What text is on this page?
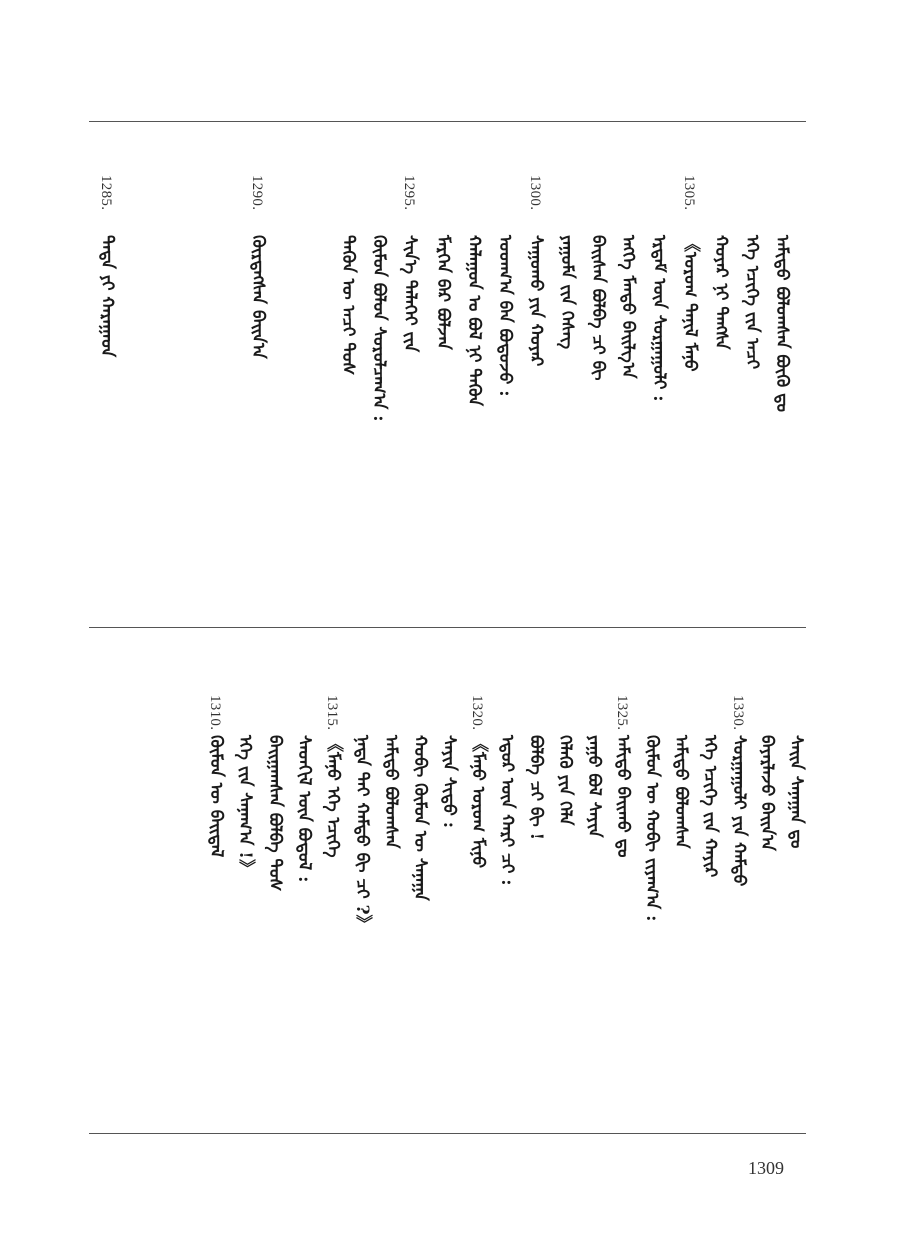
ᠠᠮᠢᠳᠤ ᠪᠣᠯᠤᠭᠰᠠᠨ ᠪᠦᠬᠦ ᠳᠤ
ᠡᠬᠡ ᠡᠴᠢᠭᠡ ᠵᠢᠨ ᠠᠴᠢ
ᠬᠣᠶᠠᠷ ᠨᠢ ᠲᠡᠩᠰᠡ
1305.
《ᠤᠷᠤᠭ ᠲᠠᠨᠢᠯ ᠮᠠᠨᠤ
ᠡᠷᠳᠡᠮ ᠦᠨ ᠰᠤᠷᠭᠠᠭᠤᠯᠢ :
ᠡᠩᠬᠡ ᠮᠡᠨᠳᠦ ᠪᠠᠢᠯᠭ᠎ᠠ
ᠪᠠᠢᠰᠠᠨ ᠪᠣᠯᠪᠠ ᠴᠢ ᠪᠢ
ᠶᠠᠭᠤᠮᠠ ᠵᠢᠨ ᠬᠡᠰᠡᠭ
1300.
ᠰᠠᠭᠤᠬᠤ ᠶᠢᠨ ᠬᠣᠶᠠᠷ
ᠤᠳᠬ᠎ᠠ ᠪᠠᠨ ᠪᠣᠳᠣᠵᠤ :
ᠬᠠᠯᠠᠭᠤᠨ ᠤ ᠪᠣᠯ ᠨᠢ ᠲᠡᠭᠦᠨ
ᠮᠡᠷᠭᠡᠨ ᠪᠠᠷ ᠪᠣᠯᠵᠠᠨ
1295.
ᠰᠢᠨ᠎ᠡ ᠲᠡᠯᠡᠭᠡᠢ ᠵᠢᠨ
ᠬᠦᠮᠦᠨ ᠪᠣᠯᠤᠨ ᠰᠤᠷᠤᠯᠴᠠᠭ᠎ᠠ :
ᠲᠡᠭᠦᠨ ᠦ ᠠᠴᠢ ᠲᠤᠰ
1290.
ᠬᠦᠷᠳᠡᠭᠰᠡᠨ ᠪᠠᠢᠨ᠎ᠠ
1285.
ᠲᠡᠳᠡ ᠶᠢ ᠬᠠᠷᠠᠭᠠᠳ
ᠰᠠᠢᠨ ᠰᠠᠨᠠᠭᠠᠨ ᠳᠤ
ᠪᠠᠶᠠᠷᠯᠠᠵᠤ ᠪᠠᠢᠨ᠎ᠠ
1330.
ᠰᠤᠷᠭᠠᠭᠤᠯᠢ ᠶᠢᠨ ᠬᠠᠮᠲᠤ
ᠡᠬᠡ ᠡᠴᠢᠭᠡ ᠵᠢᠨ ᠬᠠᠶᠢᠷ
ᠠᠮᠢᠳᠤ ᠪᠣᠯᠤᠭᠰᠠᠨ
ᠬᠦᠮᠦᠨ ᠦ ᠬᠤᠪᠢ ᠵᠢᠶᠠᠭ᠎ᠠ :
1325.
ᠠᠮᠢᠳᠤ ᠪᠠᠢᠬᠤ ᠳᠤ
ᠶᠠᠭᠤ ᠪᠣᠯ ᠰᠠᠶᠢᠨ
ᠬᠡᠯᠡᠬᠦ ᠶᠢᠨ ᠬᠡᠯᠡ
ᠪᠣᠯᠪᠠ ᠴᠢ ᠪᠢ !
ᠡᠳᠦᠷ ᠦᠨ ᠬᠠᠷᠢ ᠴᠢ :
1320.
《ᠮᠠᠨᠤ ᠤᠷᠤᠭ ᠮᠢᠨᠤ
ᠰᠠᠶᠢᠨ ᠰᠢᠳᠤ :
ᠬᠤᠪᠢ ᠬᠦᠮᠦᠨ ᠦ ᠰᠠᠨᠠᠭᠠ
ᠠᠮᠢᠳᠤ ᠪᠣᠯᠤᠭᠰᠠᠨ
ᠨᠠᠳᠠ ᠲᠠᠢ ᠬᠠᠮᠲᠤ ᠪᠢ ᠴᠢ ?》
1315.
《ᠮᠠᠨᠤ ᠡᠬᠡ ᠡᠴᠢᠭᠡ
ᠰᠡᠳᠬᠢᠯ ᠦᠨ ᠪᠣᠳᠣᠯ :
ᠪᠠᠢᠭᠠᠭᠰᠠᠨ ᠪᠣᠯᠪᠠ ᠲᠤᠰ
ᠡᠬᠡ ᠵᠢᠨ ᠰᠠᠨᠠᠭ᠎ᠠ !》
1310.
ᠬᠦᠮᠦᠨ ᠦ ᠪᠠᠢᠳᠠᠯ
1309
